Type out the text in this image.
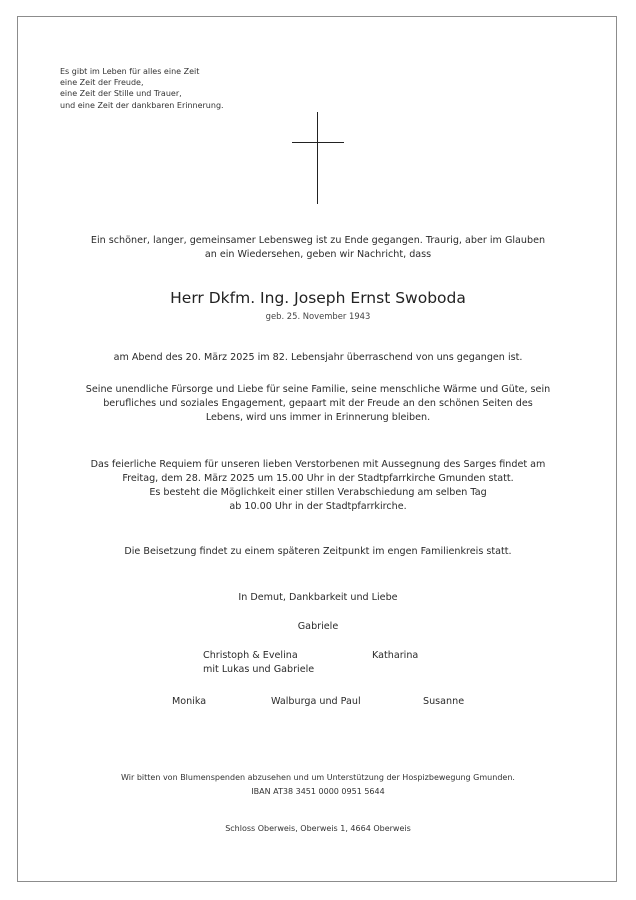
Es gibt im Leben für alles eine Zeit
eine Zeit der Freude,
eine Zeit der Stille und Trauer,
und eine Zeit der dankbaren Erinnerung.
Ein schöner, langer, gemeinsamer Lebensweg ist zu Ende gegangen. Traurig, aber im Glauben
an ein Wiedersehen, geben wir Nachricht, dass
Herr Dkfm. Ing. Joseph Ernst Swoboda
geb. 25. November 1943
am Abend des 20. März 2025 im 82. Lebensjahr überraschend von uns gegangen ist.
Seine unendliche Fürsorge und Liebe für seine Familie, seine menschliche Wärme und Güte, sein
berufliches und soziales Engagement, gepaart mit der Freude an den schönen Seiten des
Lebens, wird uns immer in Erinnerung bleiben.
Das feierliche Requiem für unseren lieben Verstorbenen mit Aussegnung des Sarges findet am
Freitag, dem 28. März 2025 um 15.00 Uhr in der Stadtpfarrkirche Gmunden statt.
Es besteht die Möglichkeit einer stillen Verabschiedung am selben Tag
ab 10.00 Uhr in der Stadtpfarrkirche.
Die Beisetzung findet zu einem späteren Zeitpunkt im engen Familienkreis statt.
In Demut, Dankbarkeit und Liebe
Gabriele
Christoph & Evelina
mit Lukas und Gabriele
Katharina
Monika	Walburga und Paul	Susanne
Wir bitten von Blumenspenden abzusehen und um Unterstützung der Hospizbewegung Gmunden.
IBAN AT38 3451 0000 0951 5644
Schloss Oberweis, Oberweis 1, 4664 Oberweis
